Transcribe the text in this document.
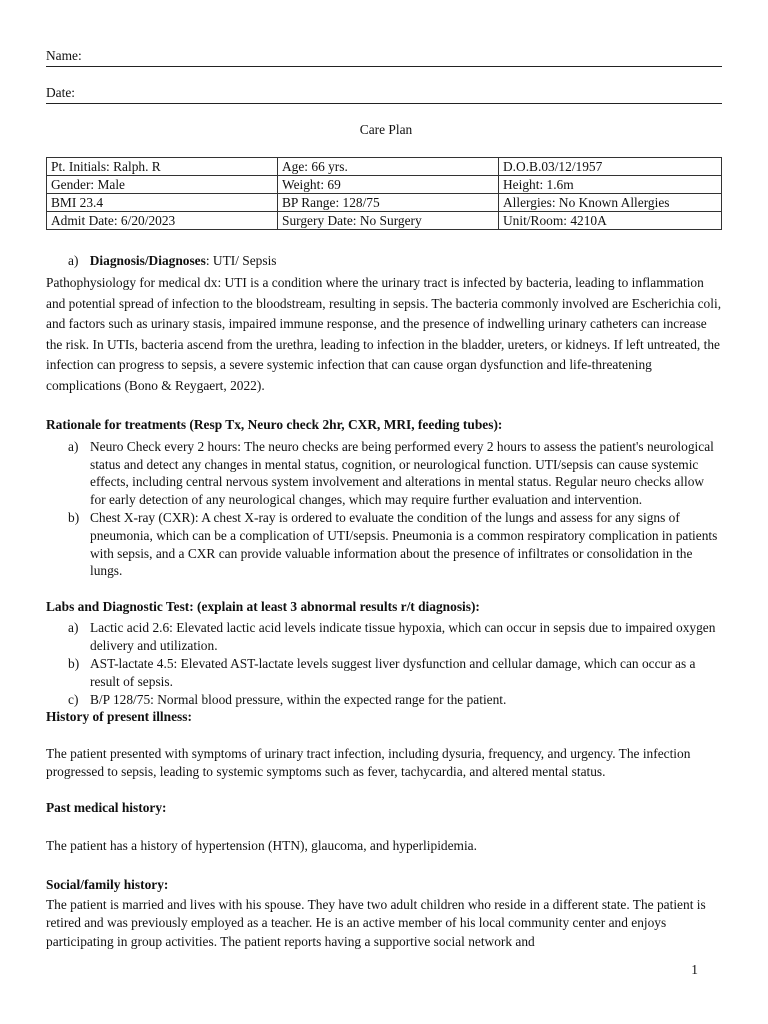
Name:
Date:
Care Plan
Pt. Initials: Ralph. R	Age: 66 yrs.	D.O.B.03/12/1957
Gender: Male	Weight: 69	Height: 1.6m
BMI 23.4	BP Range: 128/75	Allergies: No Known Allergies
Admit Date: 6/20/2023	Surgery Date: No Surgery	Unit/Room: 4210A
a) Diagnosis/Diagnoses: UTI/ Sepsis
Pathophysiology for medical dx: UTI is a condition where the urinary tract is infected by bacteria, leading to inflammation and potential spread of infection to the bloodstream, resulting in sepsis. The bacteria commonly involved are Escherichia coli, and factors such as urinary stasis, impaired immune response, and the presence of indwelling urinary catheters can increase the risk. In UTIs, bacteria ascend from the urethra, leading to infection in the bladder, ureters, or kidneys. If left untreated, the infection can progress to sepsis, a severe systemic infection that can cause organ dysfunction and life-threatening complications (Bono & Reygaert, 2022).
Rationale for treatments (Resp Tx, Neuro check 2hr, CXR, MRI, feeding tubes):
a) Neuro Check every 2 hours: The neuro checks are being performed every 2 hours to assess the patient's neurological status and detect any changes in mental status, cognition, or neurological function. UTI/sepsis can cause systemic effects, including central nervous system involvement and alterations in mental status. Regular neuro checks allow for early detection of any neurological changes, which may require further evaluation and intervention.
b) Chest X-ray (CXR): A chest X-ray is ordered to evaluate the condition of the lungs and assess for any signs of pneumonia, which can be a complication of UTI/sepsis. Pneumonia is a common respiratory complication in patients with sepsis, and a CXR can provide valuable information about the presence of infiltrates or consolidation in the lungs.
Labs and Diagnostic Test: (explain at least 3 abnormal results r/t diagnosis):
a) Lactic acid 2.6: Elevated lactic acid levels indicate tissue hypoxia, which can occur in sepsis due to impaired oxygen delivery and utilization.
b) AST-lactate 4.5: Elevated AST-lactate levels suggest liver dysfunction and cellular damage, which can occur as a result of sepsis.
c) B/P 128/75: Normal blood pressure, within the expected range for the patient.
History of present illness:
The patient presented with symptoms of urinary tract infection, including dysuria, frequency, and urgency. The infection progressed to sepsis, leading to systemic symptoms such as fever, tachycardia, and altered mental status.
Past medical history:
The patient has a history of hypertension (HTN), glaucoma, and hyperlipidemia.
Social/family history:
The patient is married and lives with his spouse. They have two adult children who reside in a different state. The patient is retired and was previously employed as a teacher. He is an active member of his local community center and enjoys participating in group activities. The patient reports having a supportive social network and
1
